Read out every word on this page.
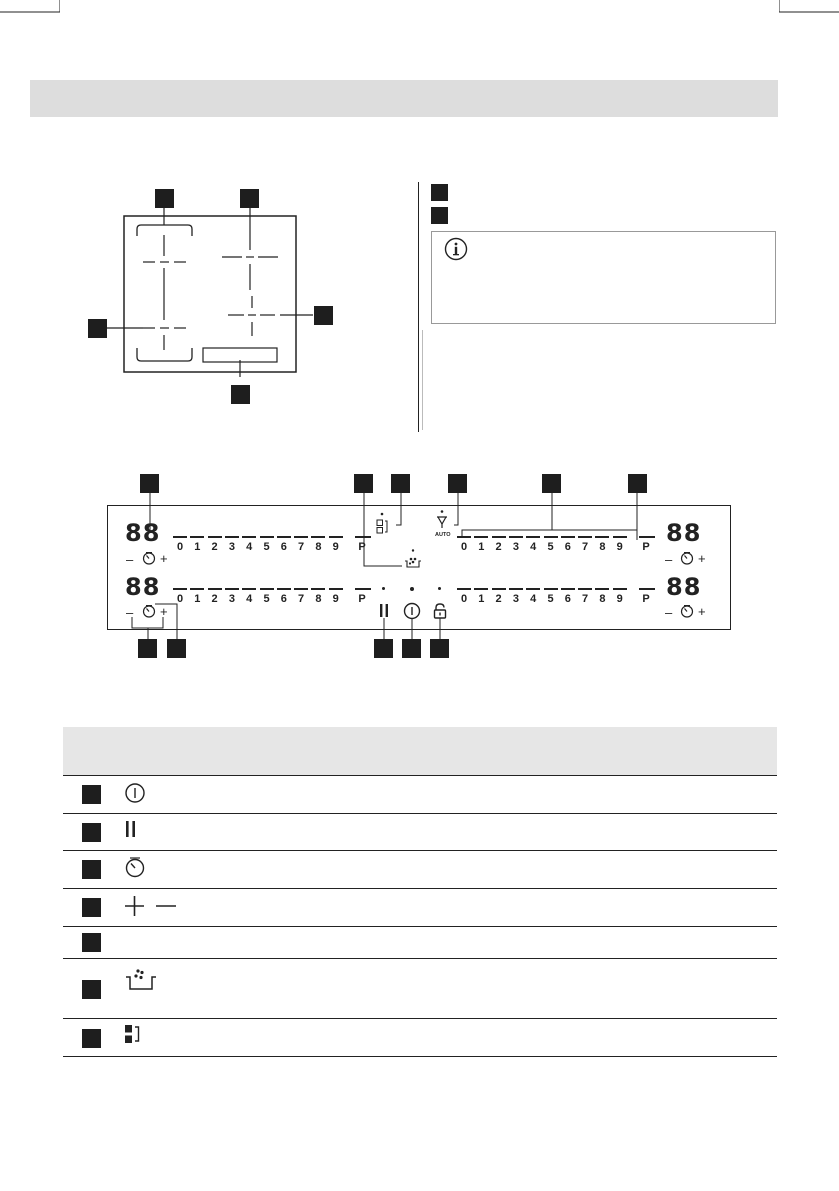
88
88
88
88
– +
– +
– +
– +
AUTO
0 1 2 3 4 5 6 7 8 9 P
0 1 2 3 4 5 6 7 8 9 P
0 1 2 3 4 5 6 7 8 9 P
0 1 2 3 4 5 6 7 8 9 P
